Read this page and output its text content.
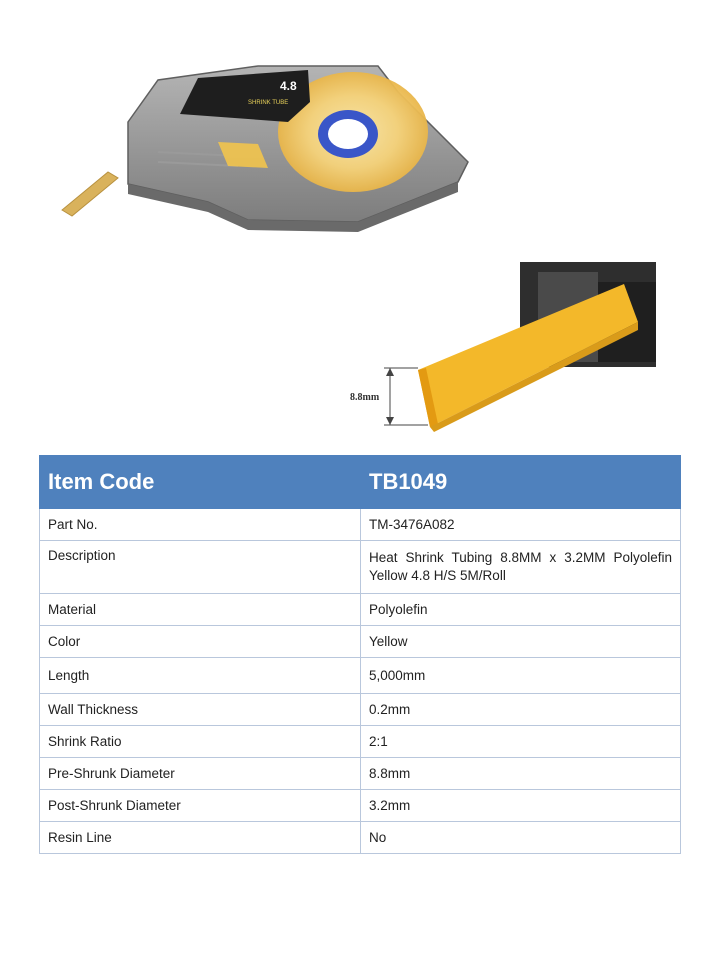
4.8
SHRINK TUBE
8.8mm
Item Code	TB1049
Part No.	TM-3476A082
Description	Heat Shrink Tubing 8.8MM x 3.2MM Polyolefin Yellow 4.8 H/S 5M/Roll
Material	Polyolefin
Color	Yellow
Length	5,000mm
Wall Thickness	0.2mm
Shrink Ratio	2:1
Pre-Shrunk Diameter	8.8mm
Post-Shrunk Diameter	3.2mm
Resin Line	No
